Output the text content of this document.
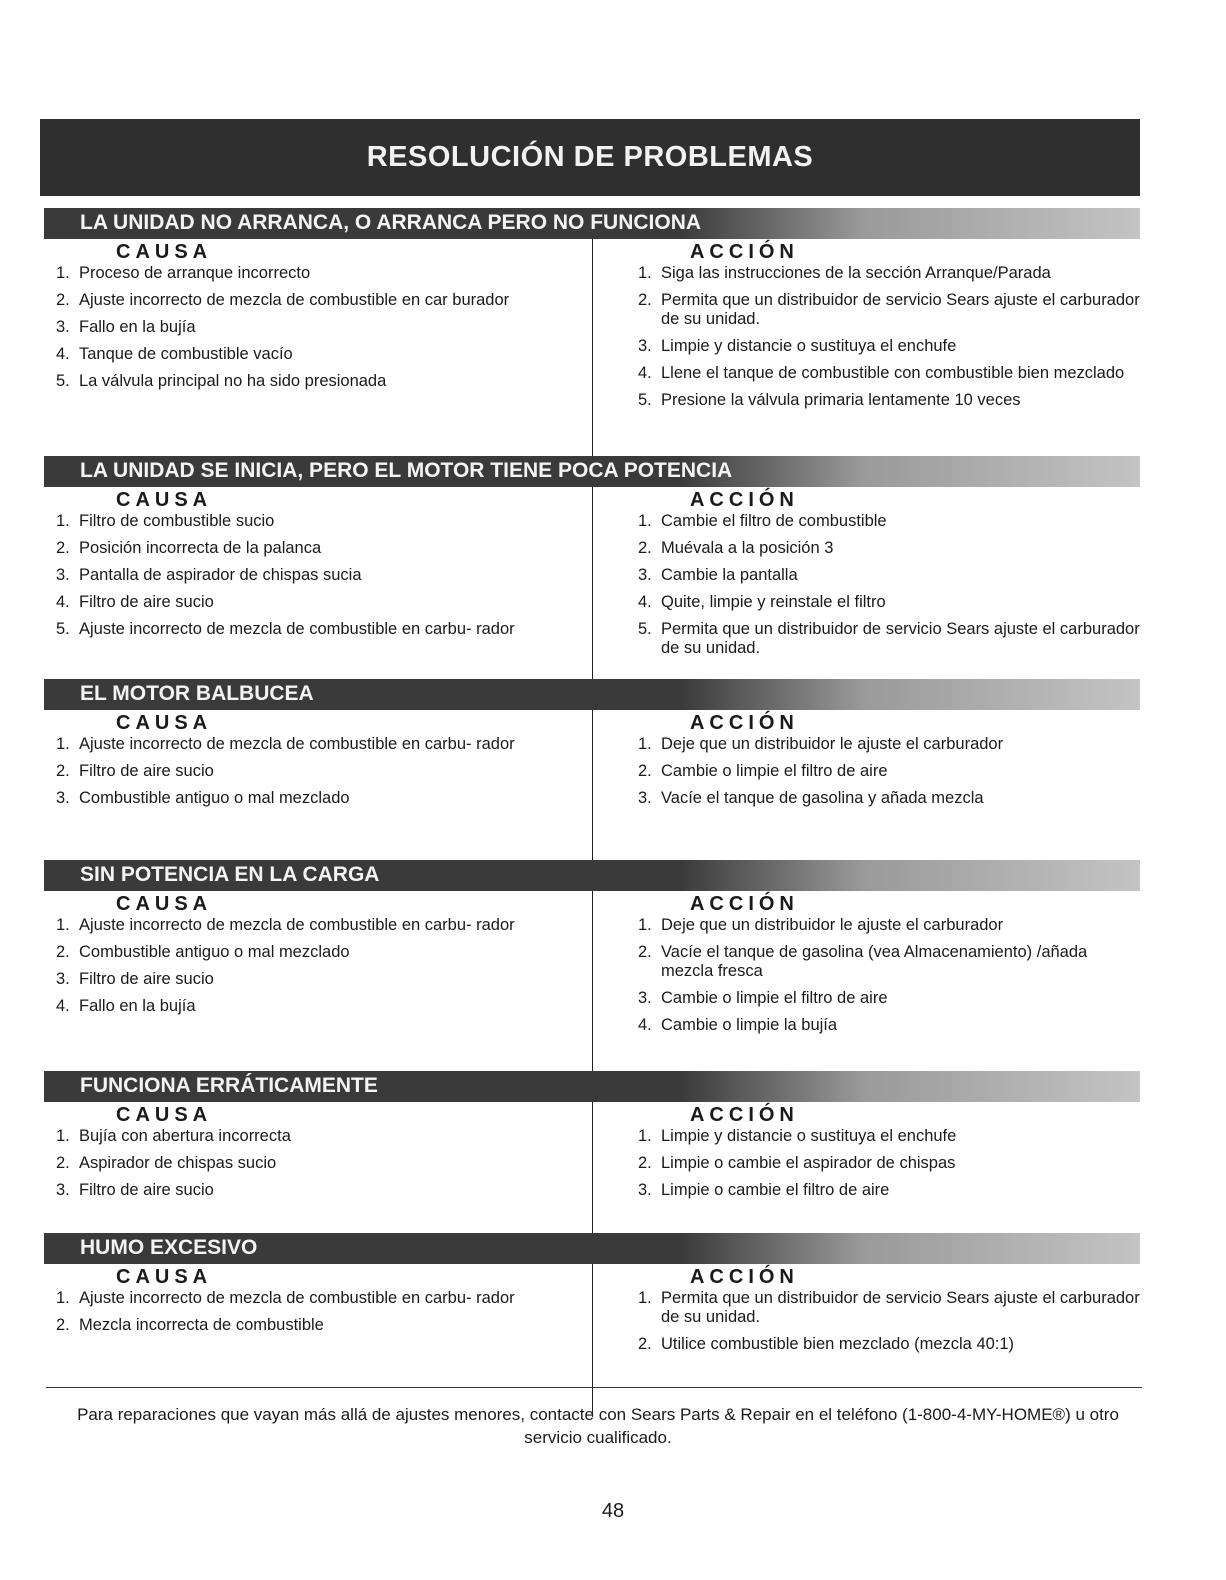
RESOLUCIÓN DE PROBLEMAS
LA UNIDAD NO ARRANCA, O ARRANCA PERO NO FUNCIONA
CAUSA
1. Proceso de arranque incorrecto
2. Ajuste incorrecto de mezcla de combustible en car burador
3. Fallo en la bujía
4. Tanque de combustible vacío
5. La válvula principal no ha sido presionada
ACCIÓN
1. Siga las instrucciones de la sección Arranque/Parada
2. Permita que un distribuidor de servicio Sears ajuste el carburador de su unidad.
3. Limpie y distancie o sustituya el enchufe
4. Llene el tanque de combustible con combustible bien mezclado
5. Presione la válvula primaria lentamente 10 veces
LA UNIDAD SE INICIA, PERO EL MOTOR TIENE POCA POTENCIA
CAUSA
1. Filtro de combustible sucio
2. Posición incorrecta de la palanca
3. Pantalla de aspirador de chispas sucia
4. Filtro de aire sucio
5. Ajuste incorrecto de mezcla de combustible en carbu- rador
ACCIÓN
1. Cambie el filtro de combustible
2. Muévala a la posición 3
3. Cambie la pantalla
4. Quite, limpie y reinstale el filtro
5. Permita que un distribuidor de servicio Sears ajuste el carburador de su unidad.
EL MOTOR BALBUCEA
CAUSA
1. Ajuste incorrecto de mezcla de combustible en carbu- rador
2. Filtro de aire sucio
3. Combustible antiguo o mal mezclado
ACCIÓN
1. Deje que un distribuidor le ajuste el carburador
2. Cambie o limpie el filtro de aire
3. Vacíe el tanque de gasolina y añada mezcla
SIN POTENCIA EN LA CARGA
CAUSA
1. Ajuste incorrecto de mezcla de combustible en carbu- rador
2. Combustible antiguo o mal mezclado
3. Filtro de aire sucio
4. Fallo en la bujía
ACCIÓN
1. Deje que un distribuidor le ajuste el carburador
2. Vacíe el tanque de gasolina (vea Almacenamiento) /añada mezcla fresca
3. Cambie o limpie el filtro de aire
4. Cambie o limpie la bujía
FUNCIONA ERRÁTICAMENTE
CAUSA
1. Bujía con abertura incorrecta
2. Aspirador de chispas sucio
3. Filtro de aire sucio
ACCIÓN
1. Limpie y distancie o sustituya el enchufe
2. Limpie o cambie el aspirador de chispas
3. Limpie o cambie el filtro de aire
HUMO EXCESIVO
CAUSA
1. Ajuste incorrecto de mezcla de combustible en carbu- rador
2. Mezcla incorrecta de combustible
ACCIÓN
1. Permita que un distribuidor de servicio Sears ajuste el carburador de su unidad.
2. Utilice combustible bien mezclado (mezcla 40:1)
Para reparaciones que vayan más allá de ajustes menores, contacte con Sears Parts & Repair en el teléfono (1-800-4-MY-HOME®) u otro servicio cualificado.
48
